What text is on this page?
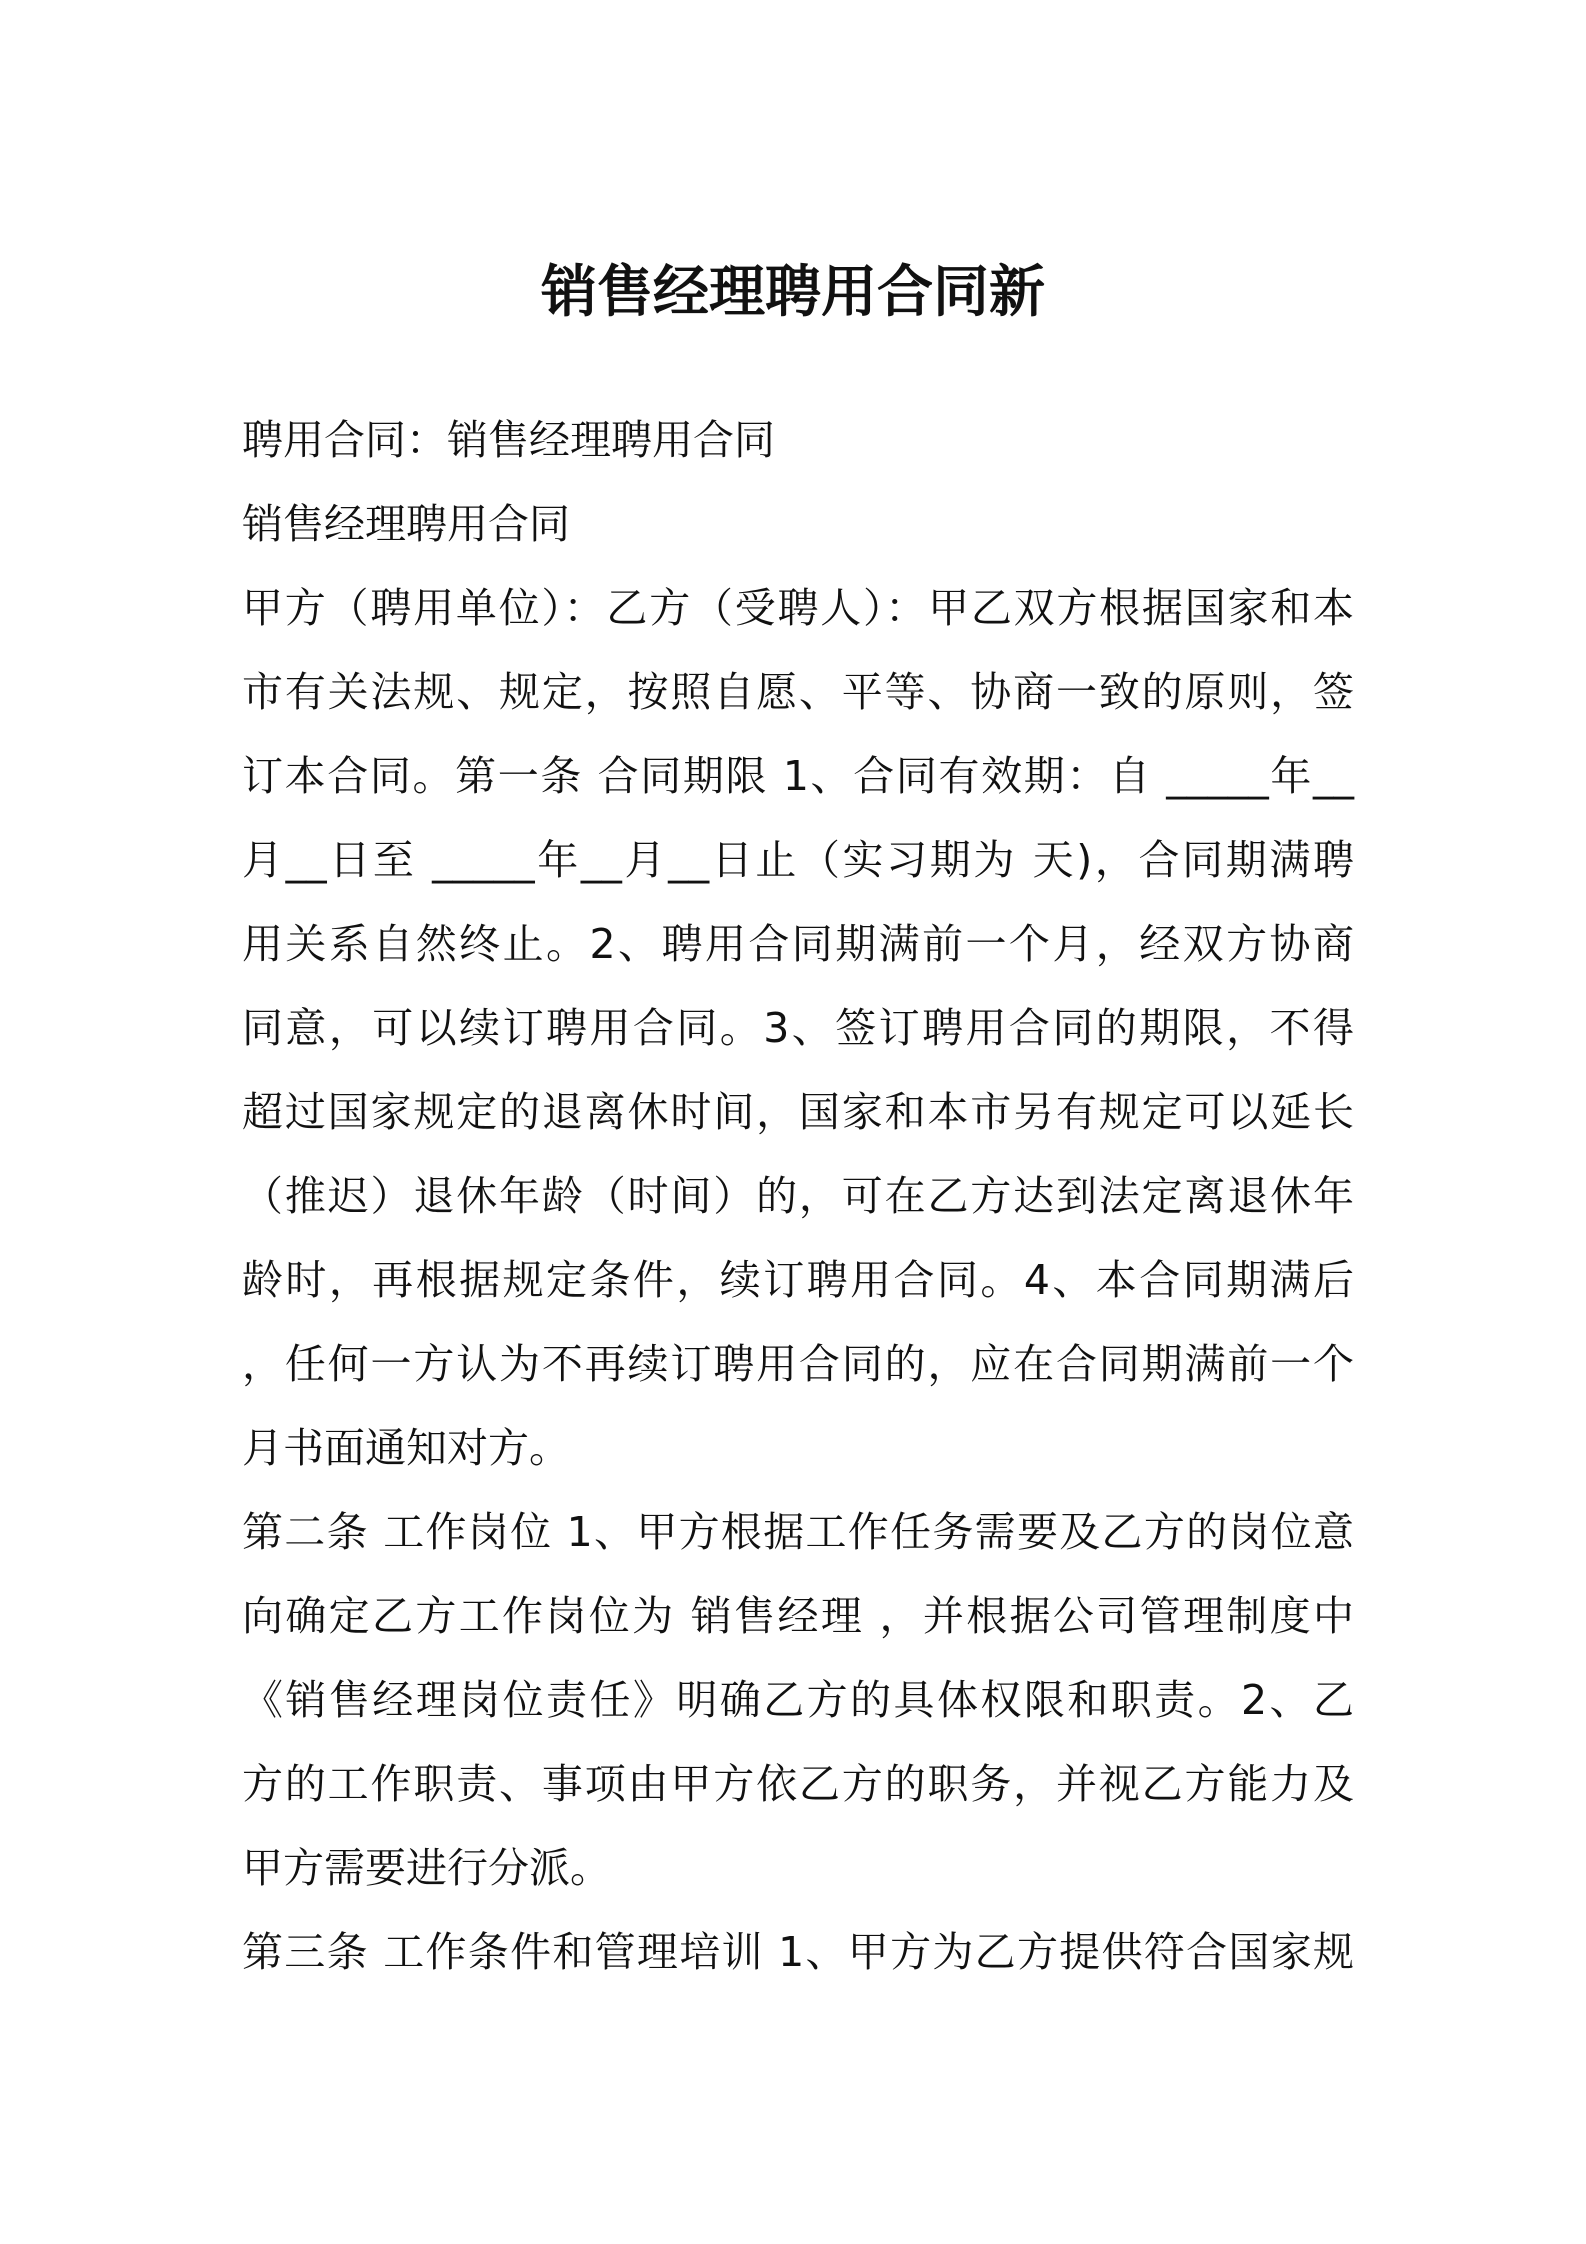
销售经理聘用合同新
聘用合同：销售经理聘用合同
销售经理聘用合同
甲方（聘用单位）：乙方（受聘人）：甲乙双方根据国家和本
市有关法规、规定，按照自愿、平等、协商一致的原则，签
订本合同。第一条 合同期限 1、合同有效期：自 _____年__
月__日至 _____年__月__日止（实习期为 天)，合同期满聘
用关系自然终止。2、聘用合同期满前一个月，经双方协商
同意，可以续订聘用合同。3、签订聘用合同的期限，不得
超过国家规定的退离休时间，国家和本市另有规定可以延长
（推迟）退休年龄（时间）的，可在乙方达到法定离退休年
龄时，再根据规定条件，续订聘用合同。4、本合同期满后
，任何一方认为不再续订聘用合同的，应在合同期满前一个
月书面通知对方。
第二条 工作岗位 1、甲方根据工作任务需要及乙方的岗位意
向确定乙方工作岗位为 销售经理 ，并根据公司管理制度中
《销售经理岗位责任》明确乙方的具体权限和职责。2、乙
方的工作职责、事项由甲方依乙方的职务，并视乙方能力及
甲方需要进行分派。
第三条 工作条件和管理培训 1、甲方为乙方提供符合国家规
